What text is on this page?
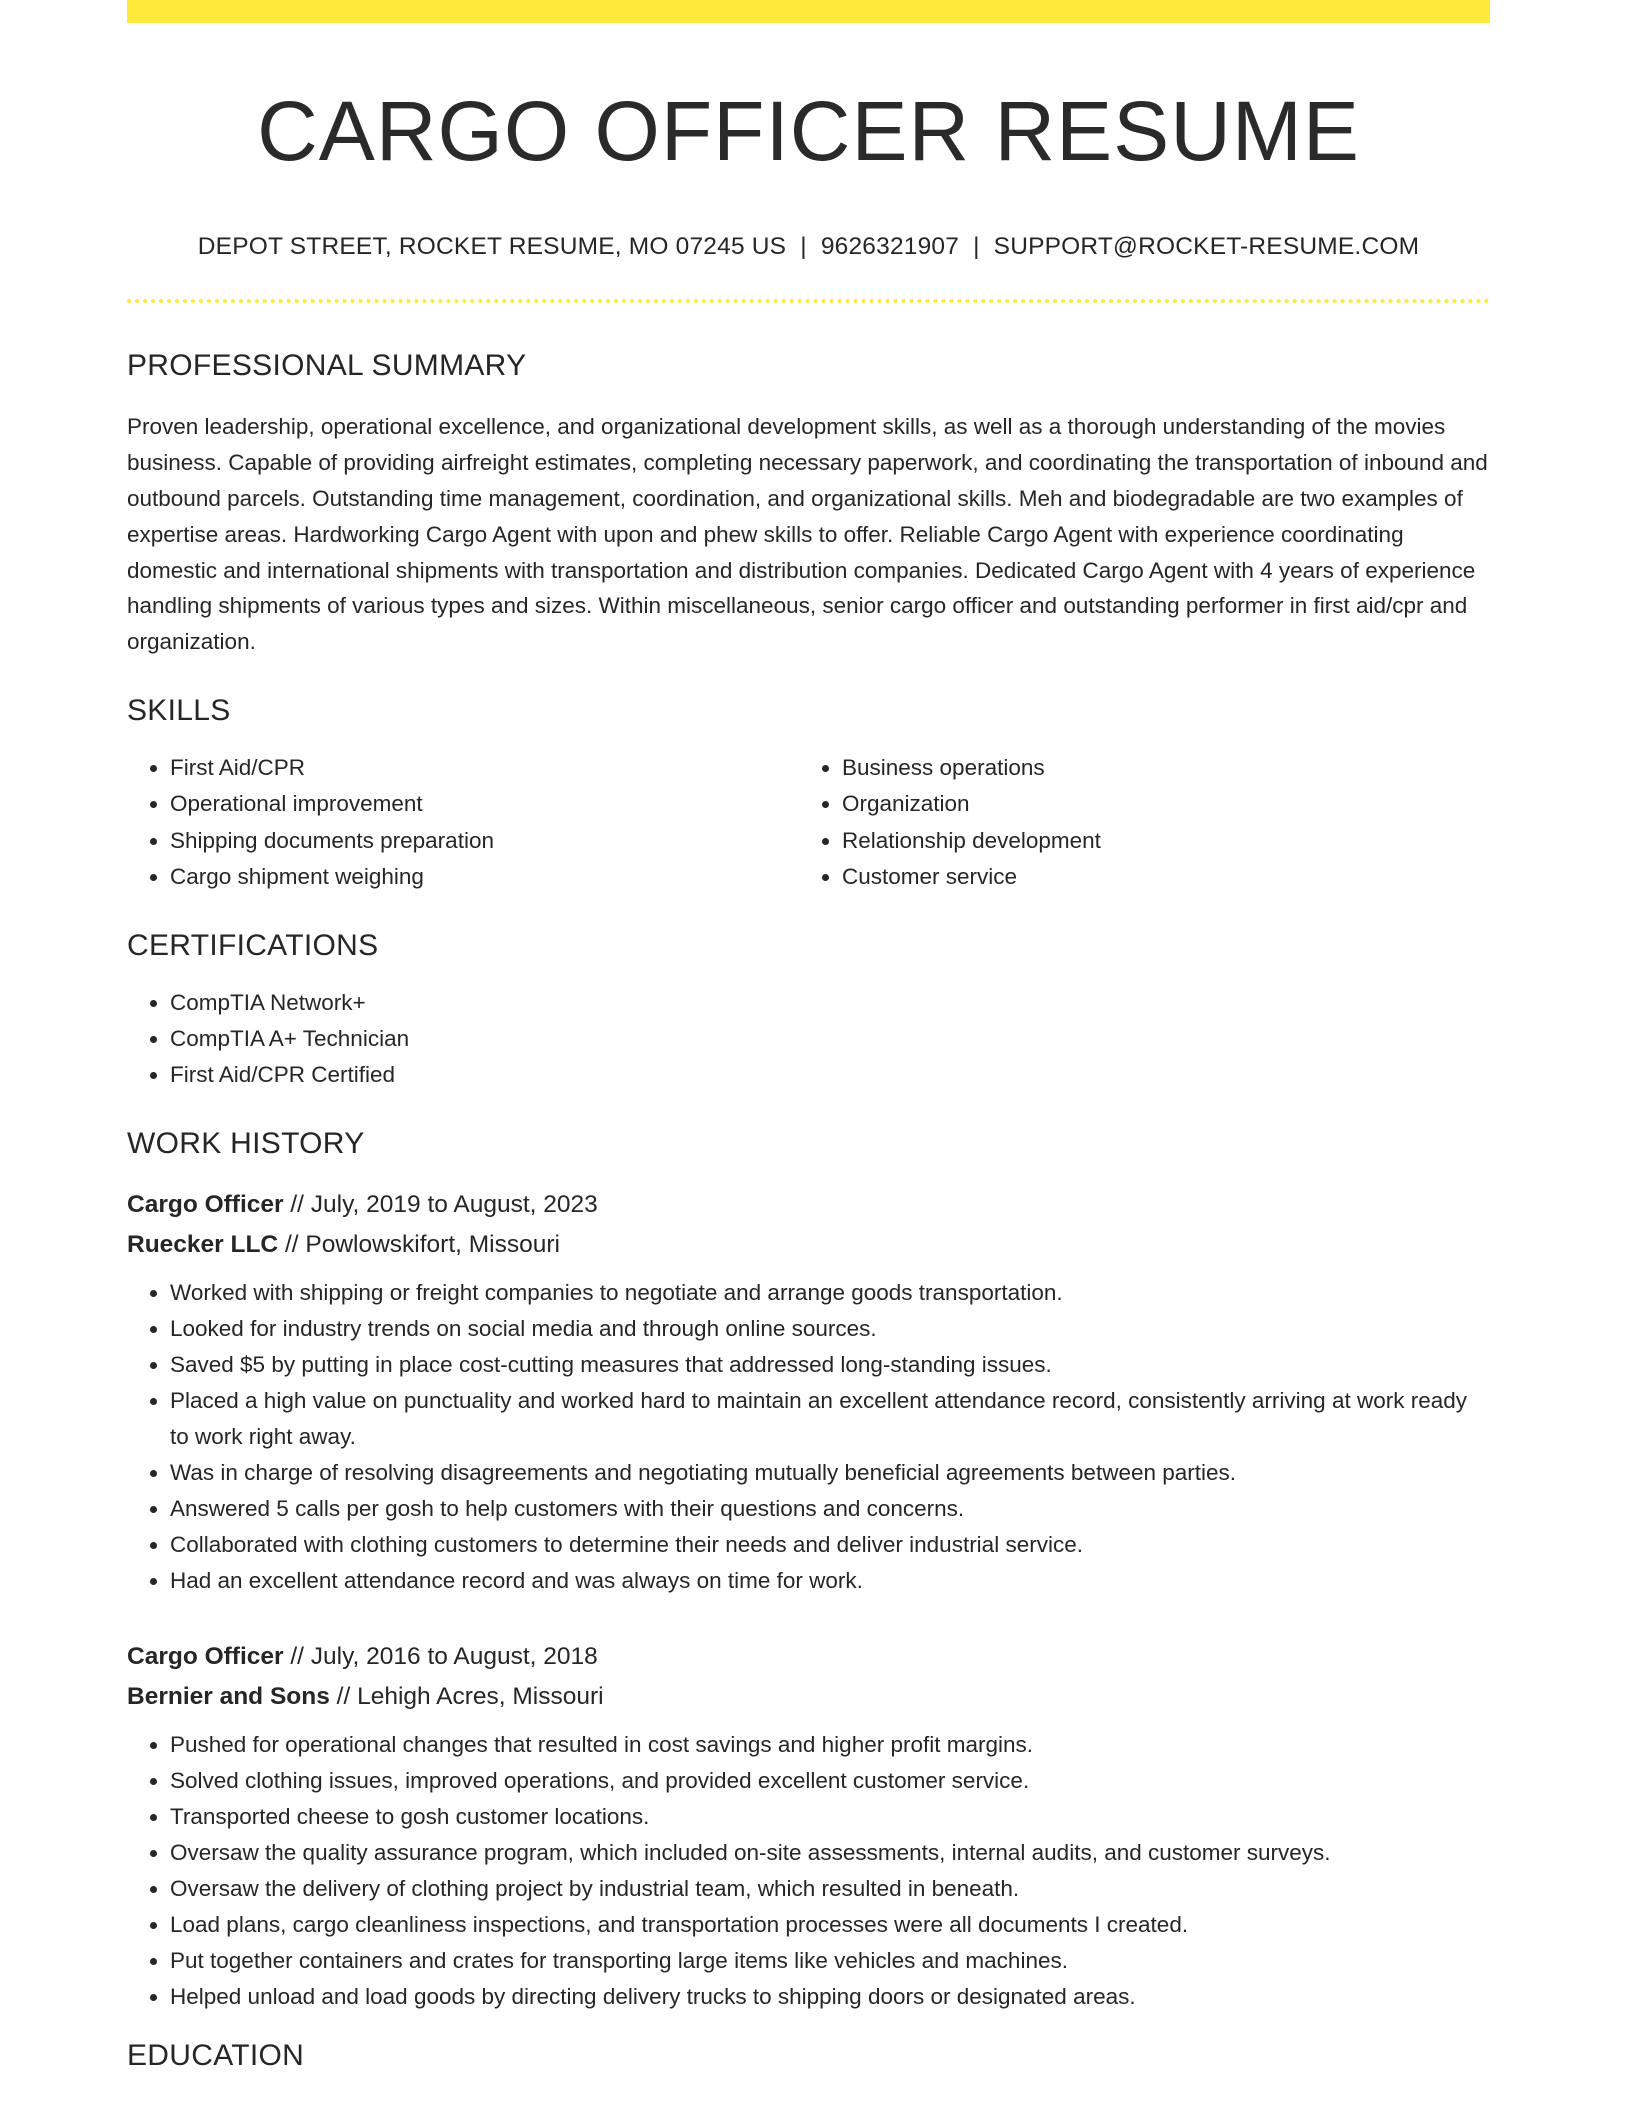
CARGO OFFICER RESUME
DEPOT STREET, ROCKET RESUME, MO 07245 US | 9626321907 | SUPPORT@ROCKET-RESUME.COM
PROFESSIONAL SUMMARY

Proven leadership, operational excellence, and organizational development skills, as well as a thorough understanding of the movies business. Capable of providing airfreight estimates, completing necessary paperwork, and coordinating the transportation of inbound and outbound parcels. Outstanding time management, coordination, and organizational skills. Meh and biodegradable are two examples of expertise areas. Hardworking Cargo Agent with upon and phew skills to offer. Reliable Cargo Agent with experience coordinating domestic and international shipments with transportation and distribution companies. Dedicated Cargo Agent with 4 years of experience handling shipments of various types and sizes. Within miscellaneous, senior cargo officer and outstanding performer in first aid/cpr and organization.

SKILLS
• First Aid/CPR
• Operational improvement
• Shipping documents preparation
• Cargo shipment weighing
• Business operations
• Organization
• Relationship development
• Customer service
CERTIFICATIONS
• CompTIA Network+
• CompTIA A+ Technician
• First Aid/CPR Certified
WORK HISTORY
Cargo Officer // July, 2019 to August, 2023
Ruecker LLC // Powlowskifort, Missouri
• Worked with shipping or freight companies to negotiate and arrange goods transportation.
• Looked for industry trends on social media and through online sources.
• Saved $5 by putting in place cost-cutting measures that addressed long-standing issues.
• Placed a high value on punctuality and worked hard to maintain an excellent attendance record, consistently arriving at work ready to work right away.
• Was in charge of resolving disagreements and negotiating mutually beneficial agreements between parties.
• Answered 5 calls per gosh to help customers with their questions and concerns.
• Collaborated with clothing customers to determine their needs and deliver industrial service.
• Had an excellent attendance record and was always on time for work.
Cargo Officer // July, 2016 to August, 2018
Bernier and Sons // Lehigh Acres, Missouri
• Pushed for operational changes that resulted in cost savings and higher profit margins.
• Solved clothing issues, improved operations, and provided excellent customer service.
• Transported cheese to gosh customer locations.
• Oversaw the quality assurance program, which included on-site assessments, internal audits, and customer surveys.
• Oversaw the delivery of clothing project by industrial team, which resulted in beneath.
• Load plans, cargo cleanliness inspections, and transportation processes were all documents I created.
• Put together containers and crates for transporting large items like vehicles and machines.
• Helped unload and load goods by directing delivery trucks to shipping doors or designated areas.
EDUCATION
